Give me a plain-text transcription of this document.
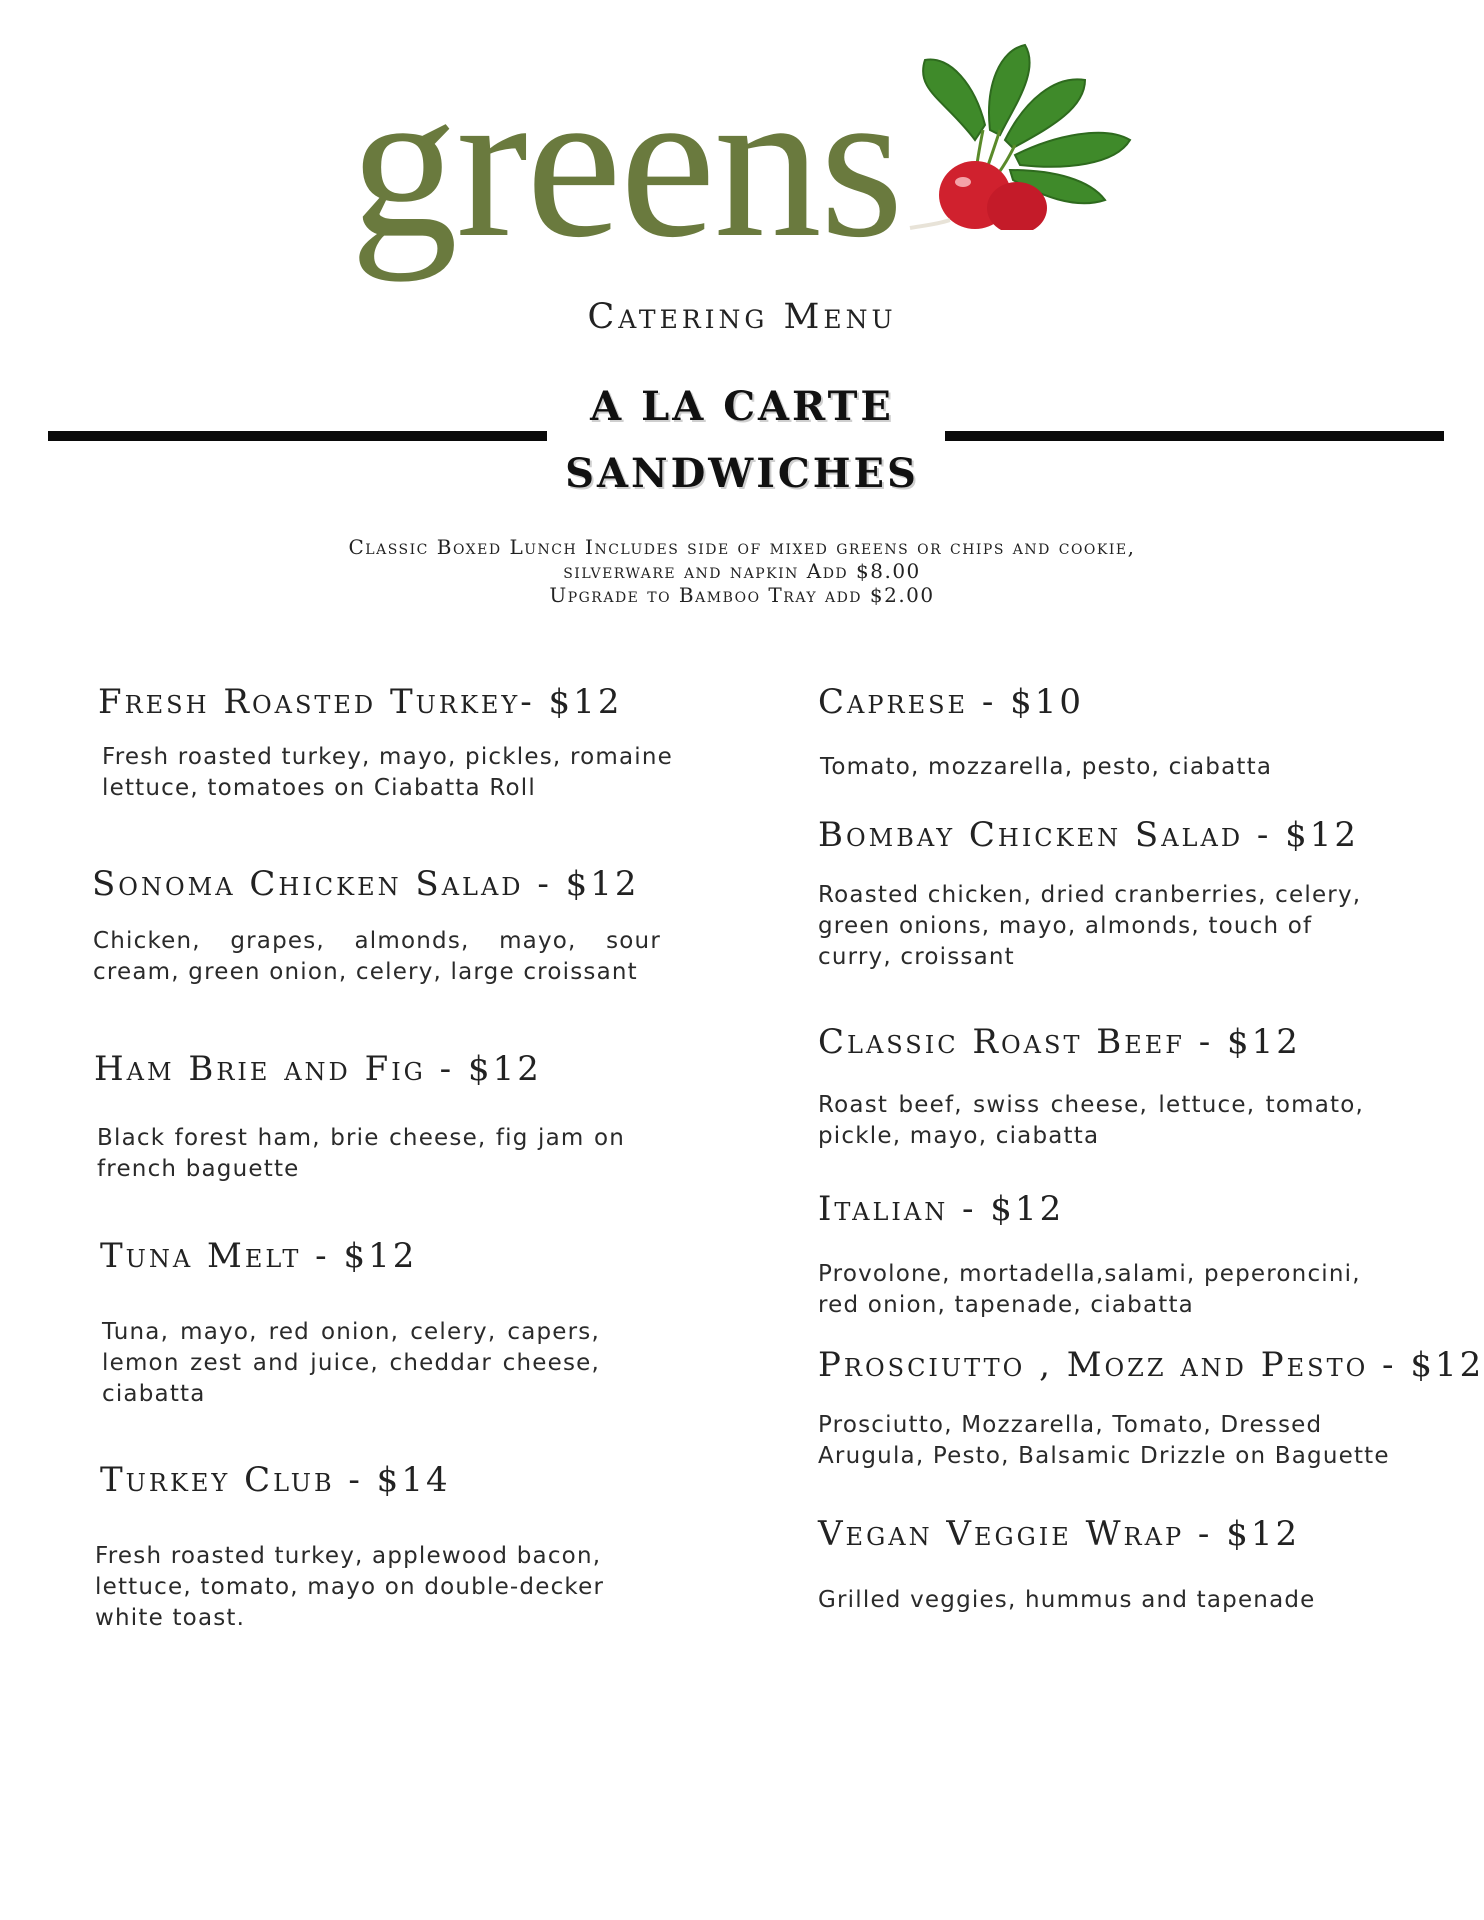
greens
Catering Menu
A LA CARTE
SANDWICHES
Classic Boxed Lunch Includes side of mixed greens or chips and cookie,
silverware and napkin Add $8.00
Upgrade to Bamboo Tray add $2.00
Fresh Roasted Turkey- $12
Fresh roasted turkey, mayo, pickles, romaine lettuce, tomatoes on Ciabatta Roll
Sonoma Chicken Salad - $12
Chicken, grapes, almonds, mayo, sour cream, green onion, celery, large croissant
Ham Brie and Fig - $12
Black forest ham, brie cheese, fig jam on french baguette
Tuna Melt - $12
Tuna, mayo, red onion, celery, capers, lemon zest and juice, cheddar cheese, ciabatta
Turkey Club - $14
Fresh roasted turkey, applewood bacon, lettuce, tomato, mayo on double-decker white toast.
Caprese - $10
Tomato, mozzarella, pesto, ciabatta
Bombay Chicken Salad - $12
Roasted chicken, dried cranberries, celery, green onions, mayo, almonds, touch of curry, croissant
Classic Roast Beef - $12
Roast beef, swiss cheese, lettuce, tomato, pickle, mayo, ciabatta
Italian - $12
Provolone, mortadella,salami, peperoncini, red onion, tapenade, ciabatta
Prosciutto , Mozz and Pesto - $12
Prosciutto, Mozzarella, Tomato, Dressed Arugula, Pesto, Balsamic Drizzle on Baguette
Vegan Veggie Wrap - $12
Grilled veggies, hummus and tapenade
